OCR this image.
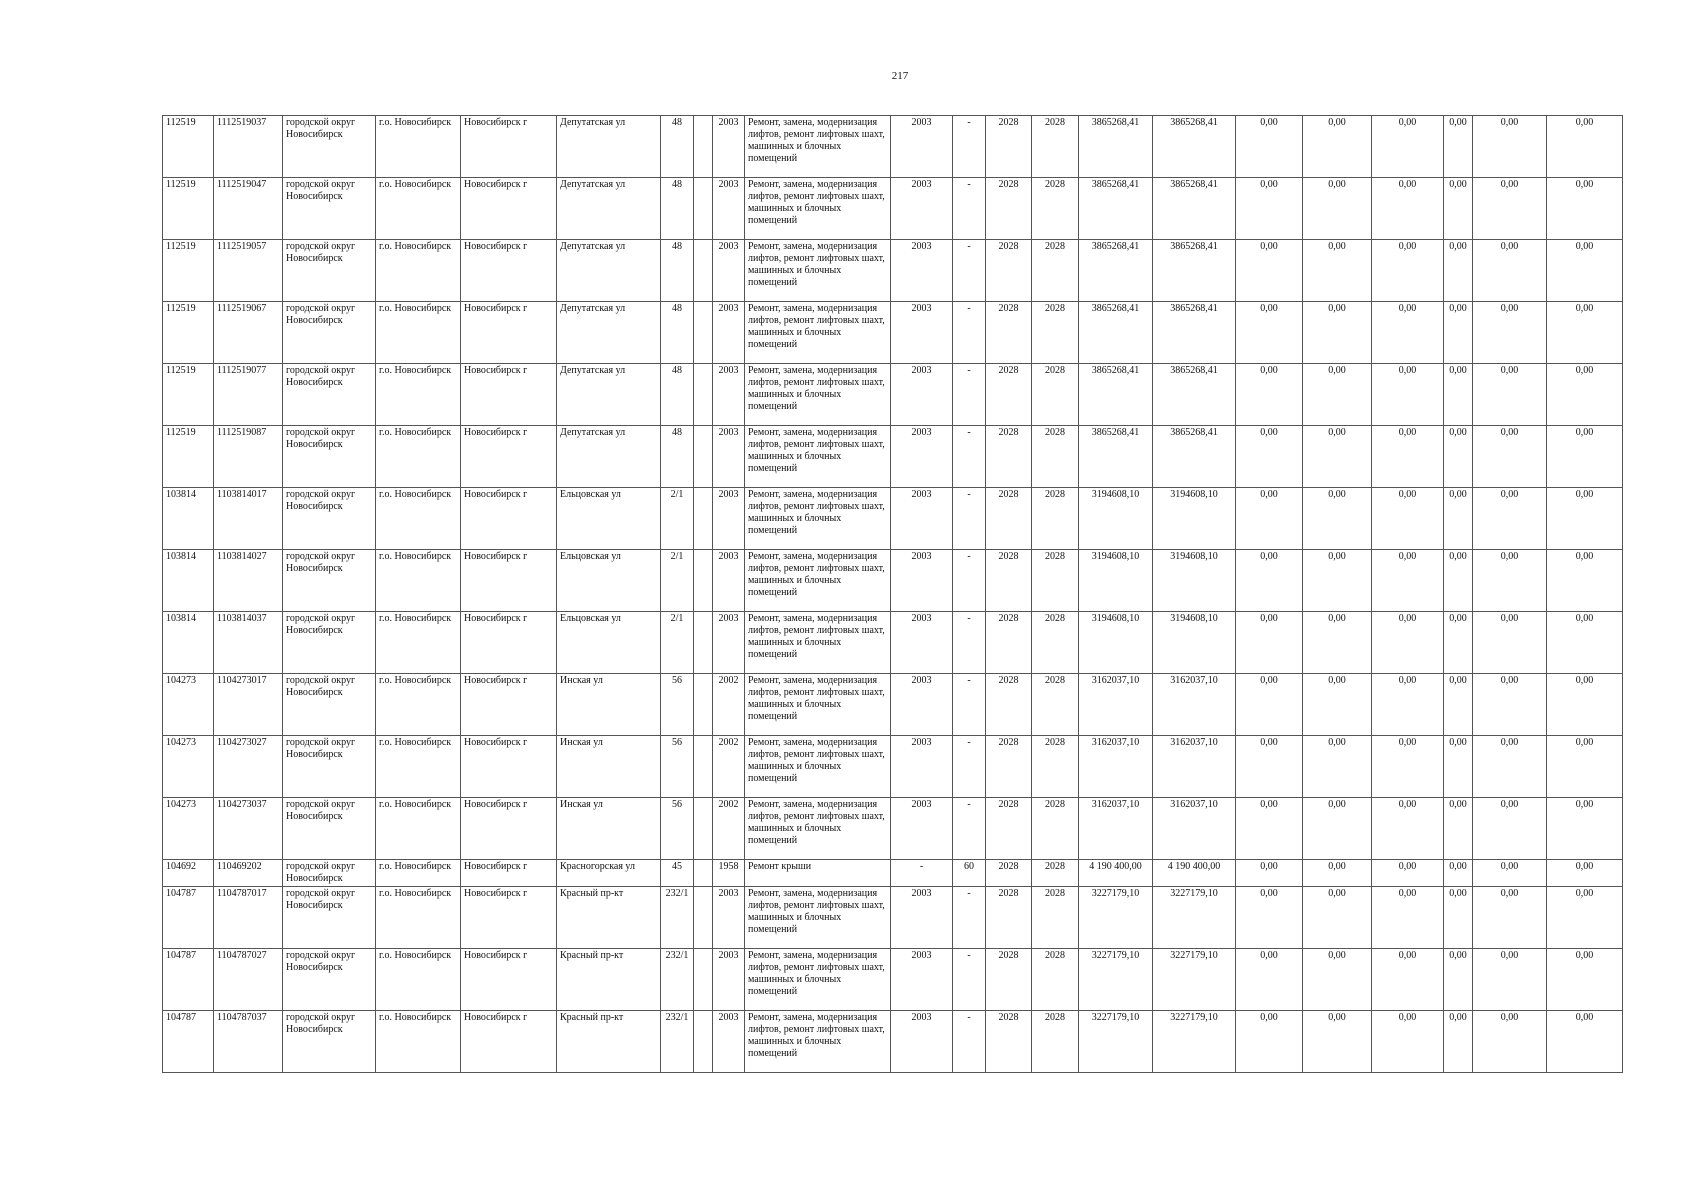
217
112519	1112519037	городской округ Новосибирск	г.о. Новосибирск	Новосибирск г	Депутатская ул	48		2003	Ремонт, замена, модернизация лифтов, ремонт лифтовых шахт, машинных и блочных помещений	2003	-	2028	2028	3865268,41	3865268,41	0,00	0,00	0,00	0,00	0,00	0,00
112519	1112519047	городской округ Новосибирск	г.о. Новосибирск	Новосибирск г	Депутатская ул	48		2003	Ремонт, замена, модернизация лифтов, ремонт лифтовых шахт, машинных и блочных помещений	2003	-	2028	2028	3865268,41	3865268,41	0,00	0,00	0,00	0,00	0,00	0,00
112519	1112519057	городской округ Новосибирск	г.о. Новосибирск	Новосибирск г	Депутатская ул	48		2003	Ремонт, замена, модернизация лифтов, ремонт лифтовых шахт, машинных и блочных помещений	2003	-	2028	2028	3865268,41	3865268,41	0,00	0,00	0,00	0,00	0,00	0,00
112519	1112519067	городской округ Новосибирск	г.о. Новосибирск	Новосибирск г	Депутатская ул	48		2003	Ремонт, замена, модернизация лифтов, ремонт лифтовых шахт, машинных и блочных помещений	2003	-	2028	2028	3865268,41	3865268,41	0,00	0,00	0,00	0,00	0,00	0,00
112519	1112519077	городской округ Новосибирск	г.о. Новосибирск	Новосибирск г	Депутатская ул	48		2003	Ремонт, замена, модернизация лифтов, ремонт лифтовых шахт, машинных и блочных помещений	2003	-	2028	2028	3865268,41	3865268,41	0,00	0,00	0,00	0,00	0,00	0,00
112519	1112519087	городской округ Новосибирск	г.о. Новосибирск	Новосибирск г	Депутатская ул	48		2003	Ремонт, замена, модернизация лифтов, ремонт лифтовых шахт, машинных и блочных помещений	2003	-	2028	2028	3865268,41	3865268,41	0,00	0,00	0,00	0,00	0,00	0,00
103814	1103814017	городской округ Новосибирск	г.о. Новосибирск	Новосибирск г	Ельцовская ул	2/1		2003	Ремонт, замена, модернизация лифтов, ремонт лифтовых шахт, машинных и блочных помещений	2003	-	2028	2028	3194608,10	3194608,10	0,00	0,00	0,00	0,00	0,00	0,00
103814	1103814027	городской округ Новосибирск	г.о. Новосибирск	Новосибирск г	Ельцовская ул	2/1		2003	Ремонт, замена, модернизация лифтов, ремонт лифтовых шахт, машинных и блочных помещений	2003	-	2028	2028	3194608,10	3194608,10	0,00	0,00	0,00	0,00	0,00	0,00
103814	1103814037	городской округ Новосибирск	г.о. Новосибирск	Новосибирск г	Ельцовская ул	2/1		2003	Ремонт, замена, модернизация лифтов, ремонт лифтовых шахт, машинных и блочных помещений	2003	-	2028	2028	3194608,10	3194608,10	0,00	0,00	0,00	0,00	0,00	0,00
104273	1104273017	городской округ Новосибирск	г.о. Новосибирск	Новосибирск г	Инская ул	56		2002	Ремонт, замена, модернизация лифтов, ремонт лифтовых шахт, машинных и блочных помещений	2003	-	2028	2028	3162037,10	3162037,10	0,00	0,00	0,00	0,00	0,00	0,00
104273	1104273027	городской округ Новосибирск	г.о. Новосибирск	Новосибирск г	Инская ул	56		2002	Ремонт, замена, модернизация лифтов, ремонт лифтовых шахт, машинных и блочных помещений	2003	-	2028	2028	3162037,10	3162037,10	0,00	0,00	0,00	0,00	0,00	0,00
104273	1104273037	городской округ Новосибирск	г.о. Новосибирск	Новосибирск г	Инская ул	56		2002	Ремонт, замена, модернизация лифтов, ремонт лифтовых шахт, машинных и блочных помещений	2003	-	2028	2028	3162037,10	3162037,10	0,00	0,00	0,00	0,00	0,00	0,00
104692	110469202	городской округ Новосибирск	г.о. Новосибирск	Новосибирск г	Красногорская ул	45		1958	Ремонт крыши	-	60	2028	2028	4 190 400,00	4 190 400,00	0,00	0,00	0,00	0,00	0,00	0,00
104787	1104787017	городской округ Новосибирск	г.о. Новосибирск	Новосибирск г	Красный пр-кт	232/1		2003	Ремонт, замена, модернизация лифтов, ремонт лифтовых шахт, машинных и блочных помещений	2003	-	2028	2028	3227179,10	3227179,10	0,00	0,00	0,00	0,00	0,00	0,00
104787	1104787027	городской округ Новосибирск	г.о. Новосибирск	Новосибирск г	Красный пр-кт	232/1		2003	Ремонт, замена, модернизация лифтов, ремонт лифтовых шахт, машинных и блочных помещений	2003	-	2028	2028	3227179,10	3227179,10	0,00	0,00	0,00	0,00	0,00	0,00
104787	1104787037	городской округ Новосибирск	г.о. Новосибирск	Новосибирск г	Красный пр-кт	232/1		2003	Ремонт, замена, модернизация лифтов, ремонт лифтовых шахт, машинных и блочных помещений	2003	-	2028	2028	3227179,10	3227179,10	0,00	0,00	0,00	0,00	0,00	0,00
